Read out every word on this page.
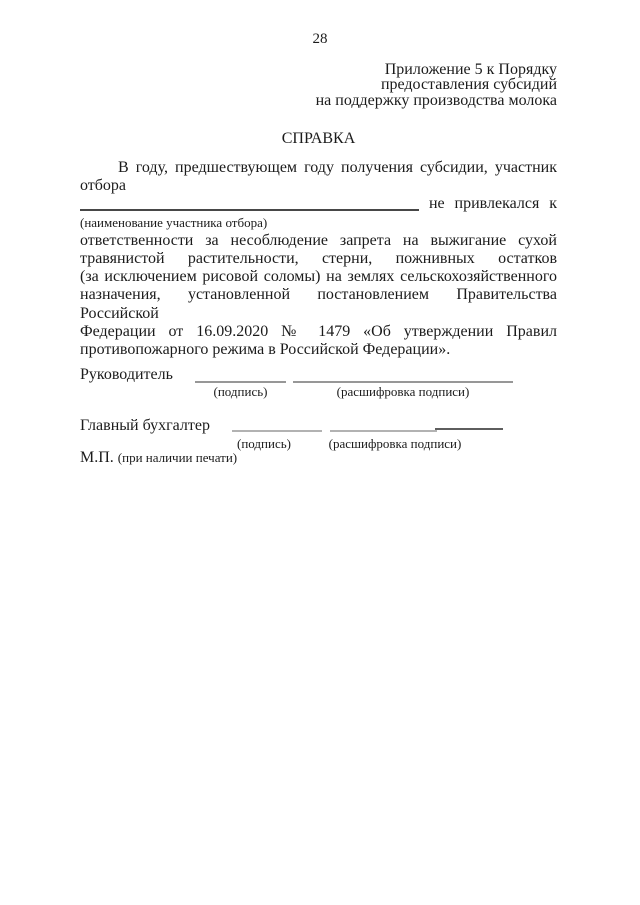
28
Приложение 5 к Порядку
предоставления субсидий
на поддержку производства молока
СПРАВКА
В году, предшествующем году получения субсидии, участник отбора
не привлекался к
(наименование участника отбора)
ответственности за несоблюдение запрета на выжигание сухой
травянистой растительности, стерни, пожнивных остатков
(за исключением рисовой соломы) на землях сельскохозяйственного
назначения, установленной постановлением Правительства Российской
Федерации от 16.09.2020 № 1479 «Об утверждении Правил
противопожарного режима в Российской Федерации».
Руководитель
(подпись)	(расшифровка подписи)
Главный бухгалтер
(подпись)	(расшифровка подписи)
М.П. (при наличии печати)
